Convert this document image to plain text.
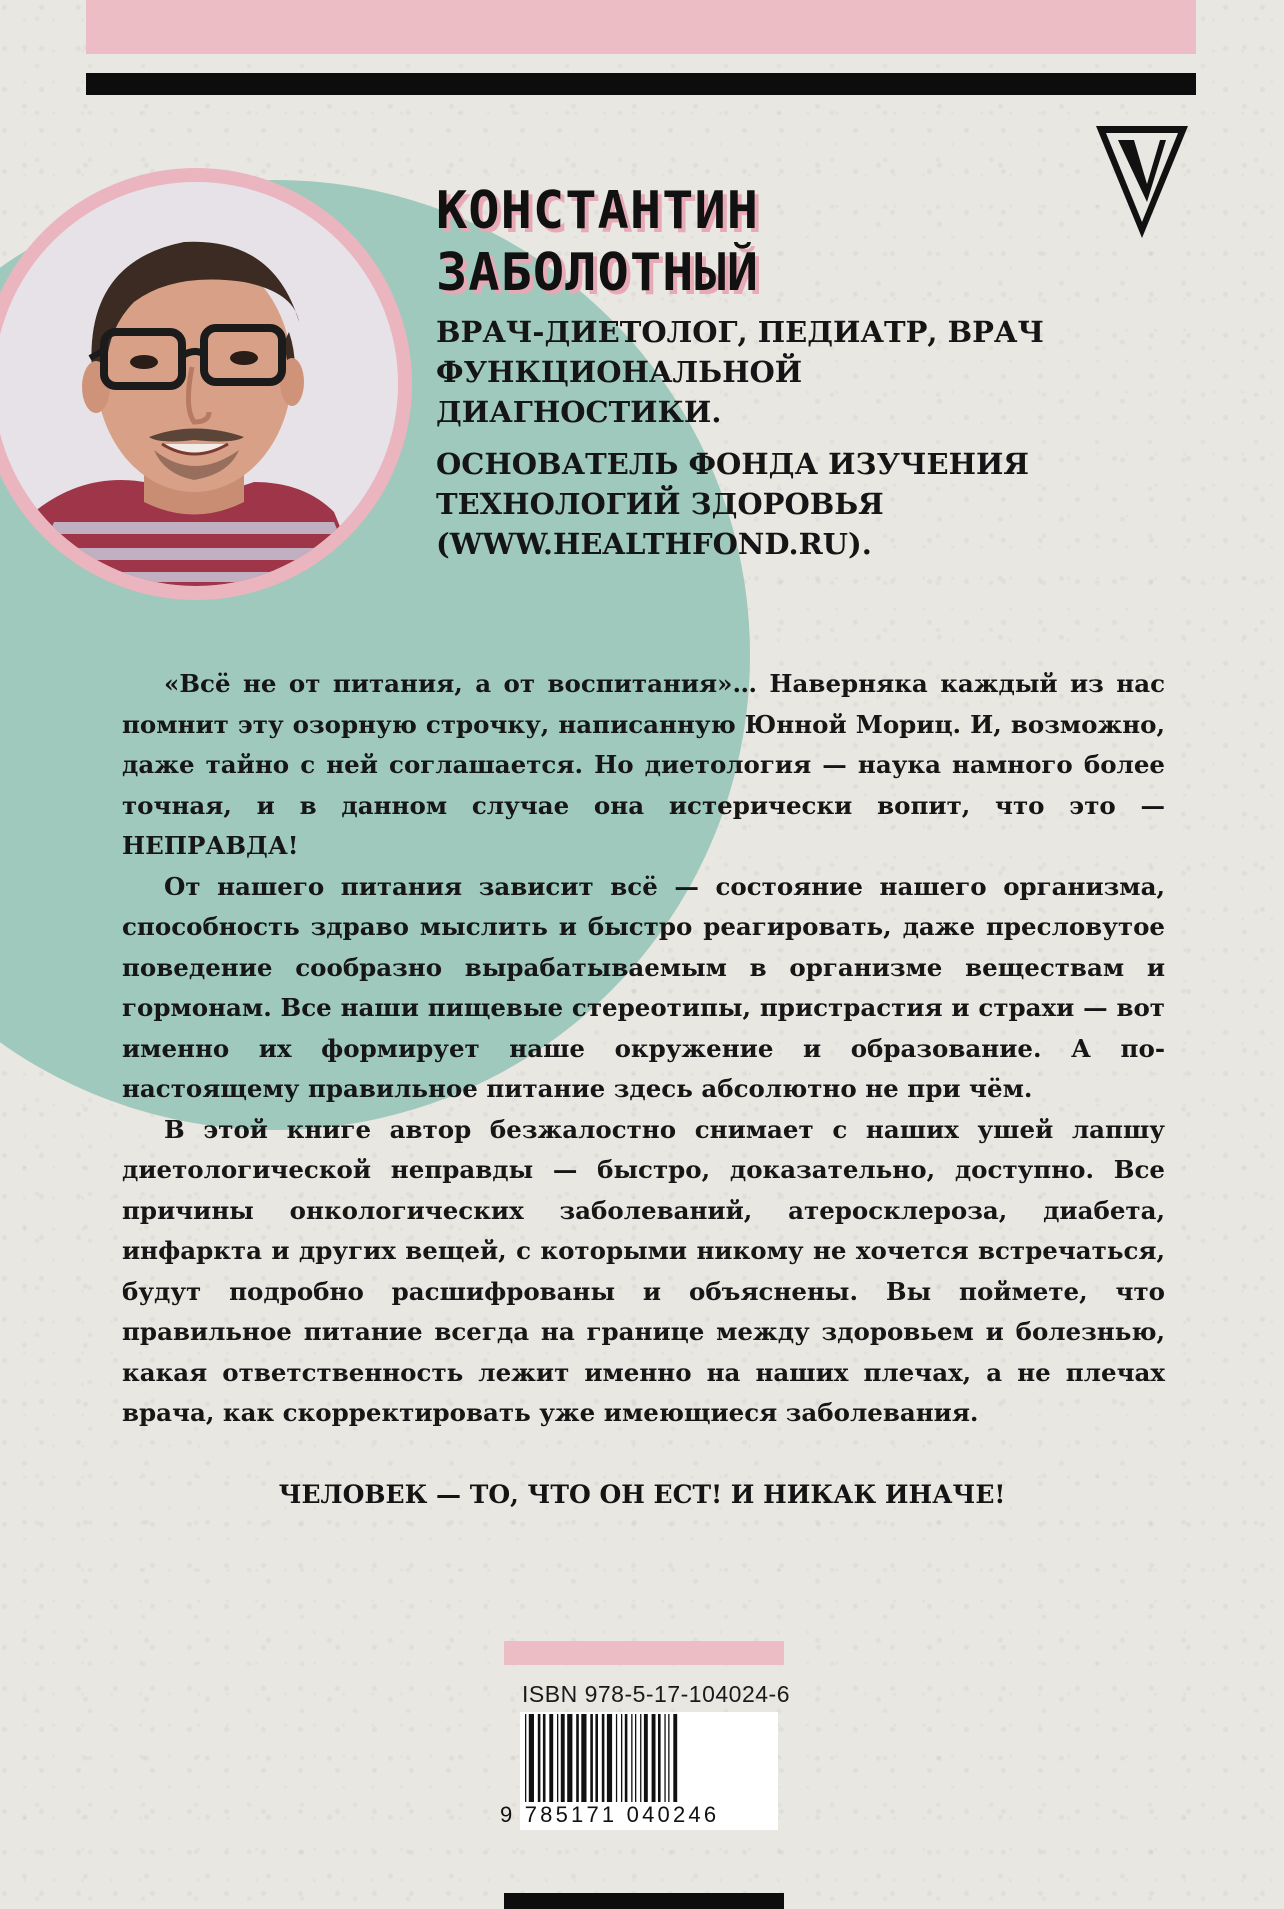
КОНСТАНТИН
ЗАБОЛОТНЫЙ

ВРАЧ-ДИЕТОЛОГ, ПЕДИАТР, ВРАЧ ФУНКЦИОНАЛЬНОЙ ДИАГНОСТИКИ.

ОСНОВАТЕЛЬ ФОНДА ИЗУЧЕНИЯ ТЕХНОЛОГИЙ ЗДОРОВЬЯ (WWW.HEALTHFOND.RU).

«Всё не от питания, а от воспитания»… Наверняка каждый из нас помнит эту озорную строчку, написанную Юнной Мориц. И, возможно, даже тайно с ней соглашается. Но диетология — наука намного более точная, и в данном случае она истерически вопит, что это — НЕПРАВДА!

От нашего питания зависит всё — состояние нашего организма, способность здраво мыслить и быстро реагировать, даже пресловутое поведение сообразно вырабатываемым в организме веществам и гормонам. Все наши пищевые стереотипы, пристрастия и страхи — вот именно их формирует наше окружение и образование. А по-настоящему правильное питание здесь абсолютно не при чём.

В этой книге автор безжалостно снимает с наших ушей лапшу диетологической неправды — быстро, доказательно, доступно. Все причины онкологических заболеваний, атеросклероза, диабета, инфаркта и других вещей, с которыми никому не хочется встречаться, будут подробно расшифрованы и объяснены. Вы поймете, что правильное питание всегда на границе между здоровьем и болезнью, какая ответственность лежит именно на наших плечах, а не плечах врача, как скорректировать уже имеющиеся заболевания.

ЧЕЛОВЕК — ТО, ЧТО ОН ЕСТ! И НИКАК ИНАЧЕ!
ISBN 978-5-17-104024-6
9 785171 040246
